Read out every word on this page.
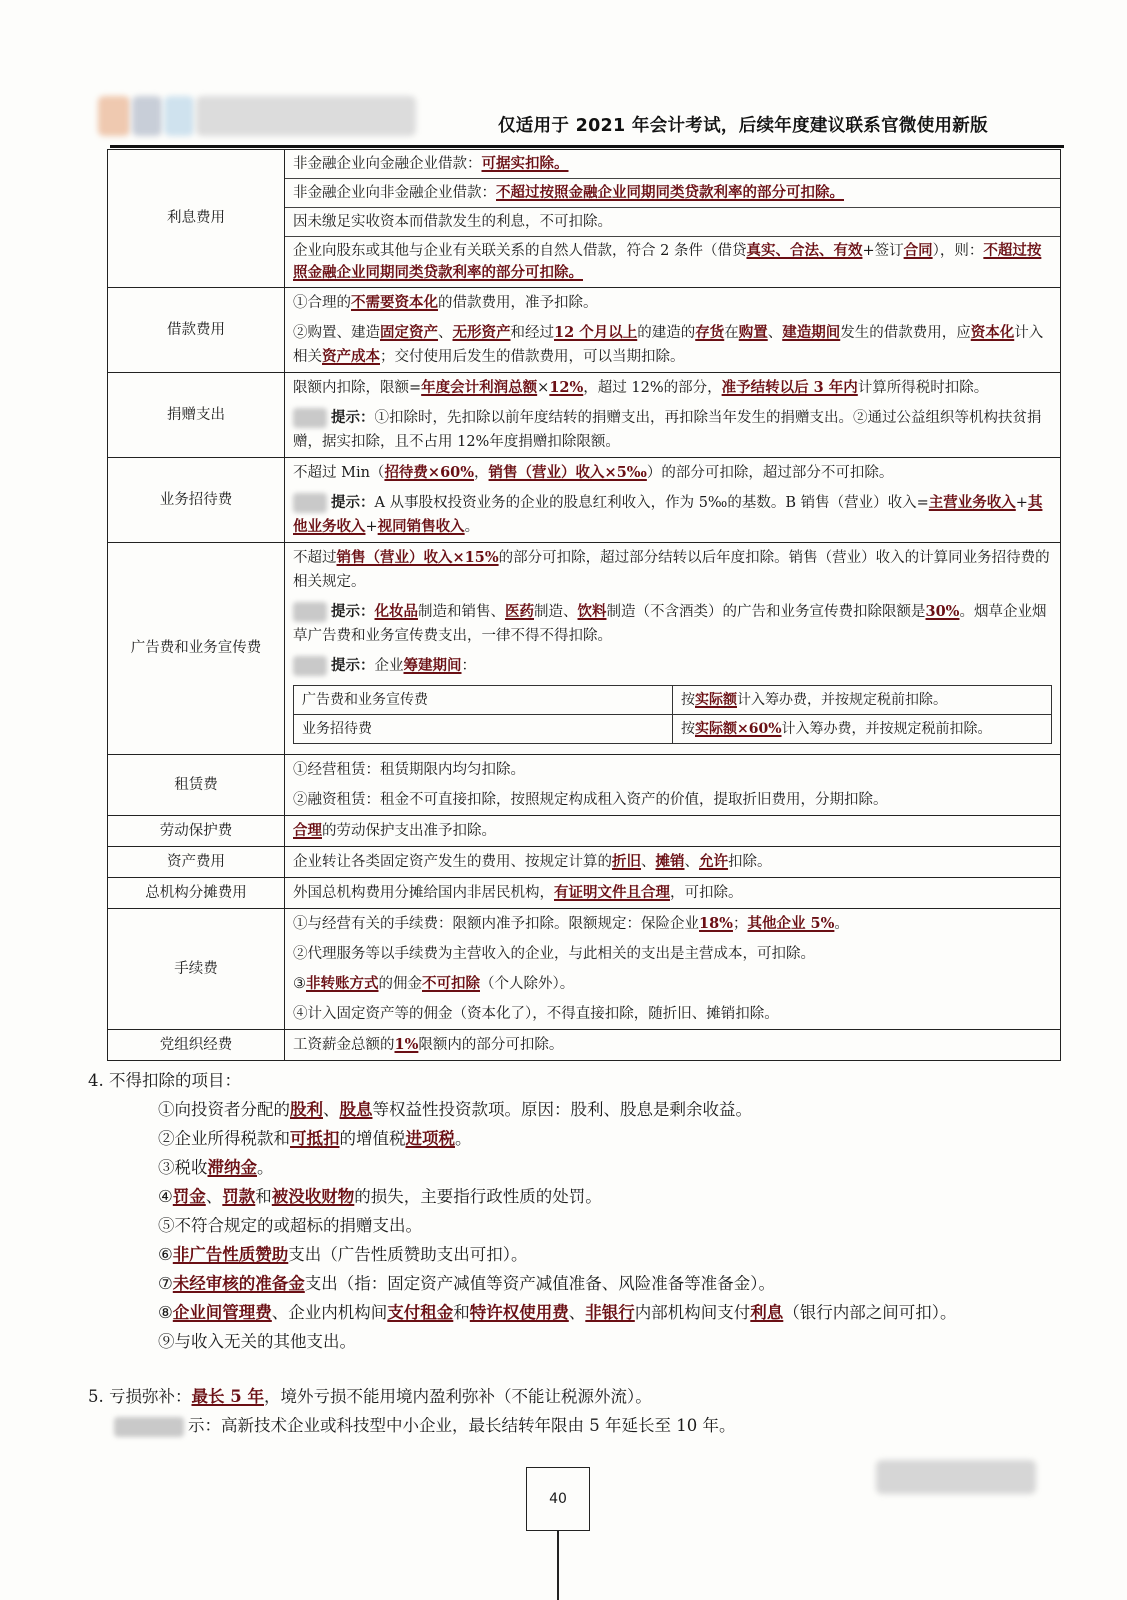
仅适用于 2021 年会计考试，后续年度建议联系官微使用新版
利息费用	
非金融企业向金融企业借款：可据实扣除。
非金融企业向非金融企业借款：不超过按照金融企业同期同类贷款利率的部分可扣除。
因未缴足实收资本而借款发生的利息，不可扣除。
企业向股东或其他与企业有关联关系的自然人借款，符合 2 条件（借贷真实、合法、有效+签订合同），则：不超过按照金融企业同期同类贷款利率的部分可扣除。

借款费用	
①合理的不需要资本化的借款费用，准予扣除。
②购置、建造固定资产、无形资产和经过12 个月以上的建造的存货在购置、建造期间发生的借款费用，应资本化计入相关资产成本；交付使用后发生的借款费用，可以当期扣除。

捐赠支出	
限额内扣除，限额=年度会计利润总额×12%，超过 12%的部分，准予结转以后 3 年内计算所得税时扣除。
提示：①扣除时，先扣除以前年度结转的捐赠支出，再扣除当年发生的捐赠支出。②通过公益组织等机构扶贫捐赠，据实扣除，且不占用 12%年度捐赠扣除限额。

业务招待费	
不超过 Min（招待费×60%，销售（营业）收入×5‰）的部分可扣除，超过部分不可扣除。
提示：A 从事股权投资业务的企业的股息红利收入，作为 5‰的基数。B 销售（营业）收入=主营业务收入+其他业务收入+视同销售收入。

广告费和业务宣传费	
不超过销售（营业）收入×15%的部分可扣除，超过部分结转以后年度扣除。销售（营业）收入的计算同业务招待费的相关规定。
提示：化妆品制造和销售、医药制造、饮料制造（不含酒类）的广告和业务宣传费扣除限额是30%。烟草企业烟草广告费和业务宣传费支出，一律不得不得扣除。
提示：企业筹建期间：
广告费和业务宣传费	按实际额计入筹办费，并按规定税前扣除。
业务招待费	按实际额×60%计入筹办费，并按规定税前扣除。

租赁费	
①经营租赁：租赁期限内均匀扣除。
②融资租赁：租金不可直接扣除，按照规定构成租入资产的价值，提取折旧费用，分期扣除。

劳动保护费	合理的劳动保护支出准予扣除。

资产费用	企业转让各类固定资产发生的费用、按规定计算的折旧、摊销、允许扣除。

总机构分摊费用	外国总机构费用分摊给国内非居民机构，有证明文件且合理，可扣除。

手续费	
①与经营有关的手续费：限额内准予扣除。限额规定：保险企业18%；其他企业 5%。
②代理服务等以手续费为主营收入的企业，与此相关的支出是主营成本，可扣除。
③非转账方式的佣金不可扣除（个人除外）。
④计入固定资产等的佣金（资本化了），不得直接扣除，随折旧、摊销扣除。

党组织经费	工资薪金总额的1%限额内的部分可扣除。
4. 不得扣除的项目：
①向投资者分配的股利、股息等权益性投资款项。原因：股利、股息是剩余收益。
②企业所得税款和可抵扣的增值税进项税。
③税收滞纳金。
④罚金、罚款和被没收财物的损失，主要指行政性质的处罚。
⑤不符合规定的或超标的捐赠支出。
⑥非广告性质赞助支出（广告性质赞助支出可扣）。
⑦未经审核的准备金支出（指：固定资产减值等资产减值准备、风险准备等准备金）。
⑧企业间管理费、企业内机构间支付租金和特许权使用费、非银行内部机构间支付利息（银行内部之间可扣）。
⑨与收入无关的其他支出。
5. 亏损弥补：最长 5 年，境外亏损不能用境内盈利弥补（不能让税源外流）。
示：高新技术企业或科技型中小企业，最长结转年限由 5 年延长至 10 年。
40
